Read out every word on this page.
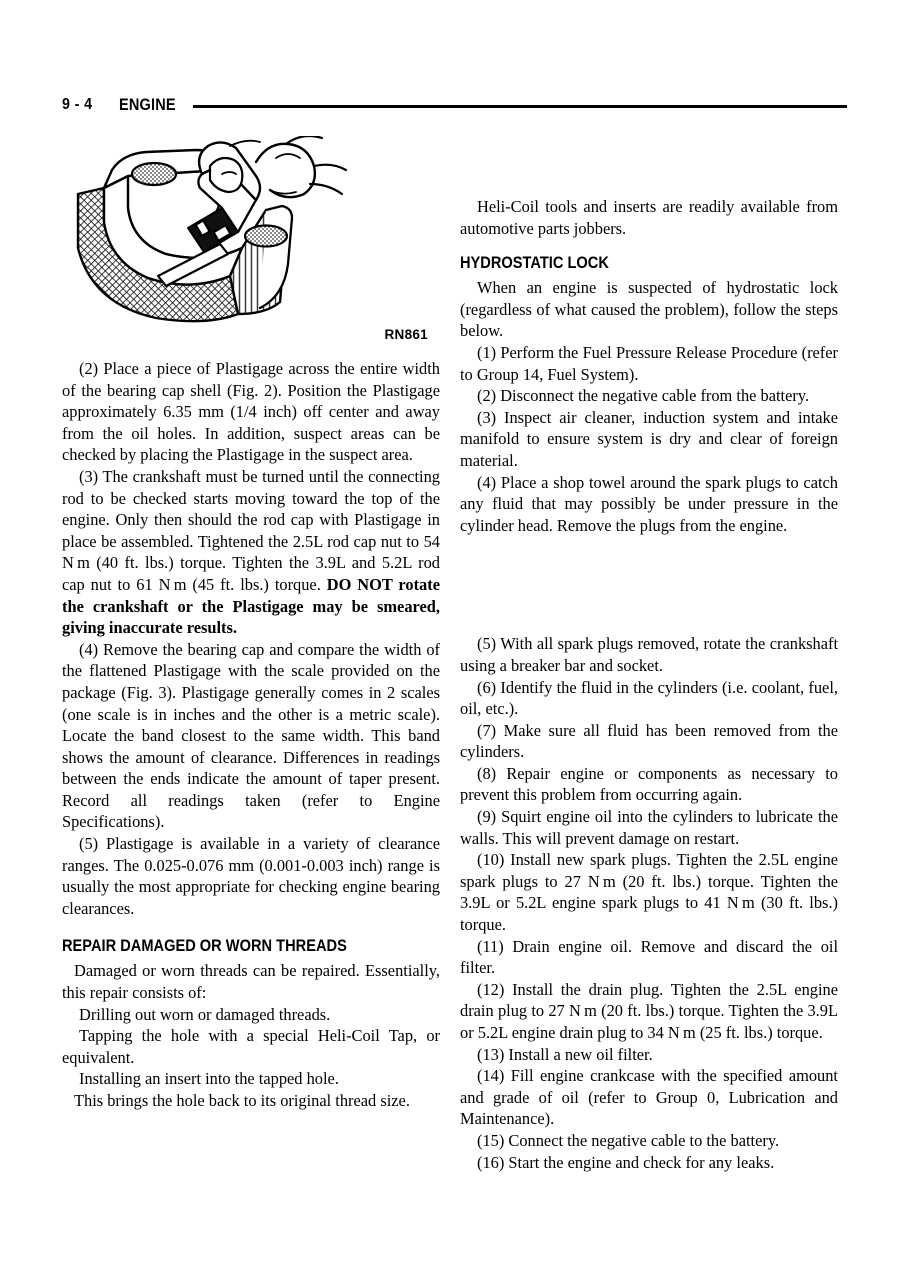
9 - 4 ENGINE
RN861

(2) Place a piece of Plastigage across the entire width of the bearing cap shell (Fig. 2). Position the Plastigage approximately 6.35 mm (1/4 inch) off center and away from the oil holes. In addition, suspect areas can be checked by placing the Plastigage in the suspect area.

(3) The crankshaft must be turned until the connecting rod to be checked starts moving toward the top of the engine. Only then should the rod cap with Plastigage in place be assembled. Tightened the 2.5L rod cap nut to 54 N m (40 ft. lbs.) torque. Tighten the 3.9L and 5.2L rod cap nut to 61 N m (45 ft. lbs.) torque. DO NOT rotate the crankshaft or the Plastigage may be smeared, giving inaccurate results.

(4) Remove the bearing cap and compare the width of the flattened Plastigage with the scale provided on the package (Fig. 3). Plastigage generally comes in 2 scales (one scale is in inches and the other is a metric scale). Locate the band closest to the same width. This band shows the amount of clearance. Differences in readings between the ends indicate the amount of taper present. Record all readings taken (refer to Engine Specifications).

(5) Plastigage is available in a variety of clearance ranges. The 0.025-0.076 mm (0.001-0.003 inch) range is usually the most appropriate for checking engine bearing clearances.

REPAIR DAMAGED OR WORN THREADS

Damaged or worn threads can be repaired. Essentially, this repair consists of:

Drilling out worn or damaged threads.

Tapping the hole with a special Heli-Coil Tap, or equivalent.

Installing an insert into the tapped hole.

This brings the hole back to its original thread size.

Heli-Coil tools and inserts are readily available from automotive parts jobbers.

HYDROSTATIC LOCK

When an engine is suspected of hydrostatic lock (regardless of what caused the problem), follow the steps below.

(1) Perform the Fuel Pressure Release Procedure (refer to Group 14, Fuel System).

(2) Disconnect the negative cable from the battery.

(3) Inspect air cleaner, induction system and intake manifold to ensure system is dry and clear of foreign material.

(4) Place a shop towel around the spark plugs to catch any fluid that may possibly be under pressure in the cylinder head. Remove the plugs from the engine.

(5) With all spark plugs removed, rotate the crankshaft using a breaker bar and socket.

(6) Identify the fluid in the cylinders (i.e. coolant, fuel, oil, etc.).

(7) Make sure all fluid has been removed from the cylinders.

(8) Repair engine or components as necessary to prevent this problem from occurring again.

(9) Squirt engine oil into the cylinders to lubricate the walls. This will prevent damage on restart.

(10) Install new spark plugs. Tighten the 2.5L engine spark plugs to 27 N m (20 ft. lbs.) torque. Tighten the 3.9L or 5.2L engine spark plugs to 41 N m (30 ft. lbs.) torque.

(11) Drain engine oil. Remove and discard the oil filter.

(12) Install the drain plug. Tighten the 2.5L engine drain plug to 27 N m (20 ft. lbs.) torque. Tighten the 3.9L or 5.2L engine drain plug to 34 N m (25 ft. lbs.) torque.

(13) Install a new oil filter.

(14) Fill engine crankcase with the specified amount and grade of oil (refer to Group 0, Lubrication and Maintenance).

(15) Connect the negative cable to the battery.

(16) Start the engine and check for any leaks.
